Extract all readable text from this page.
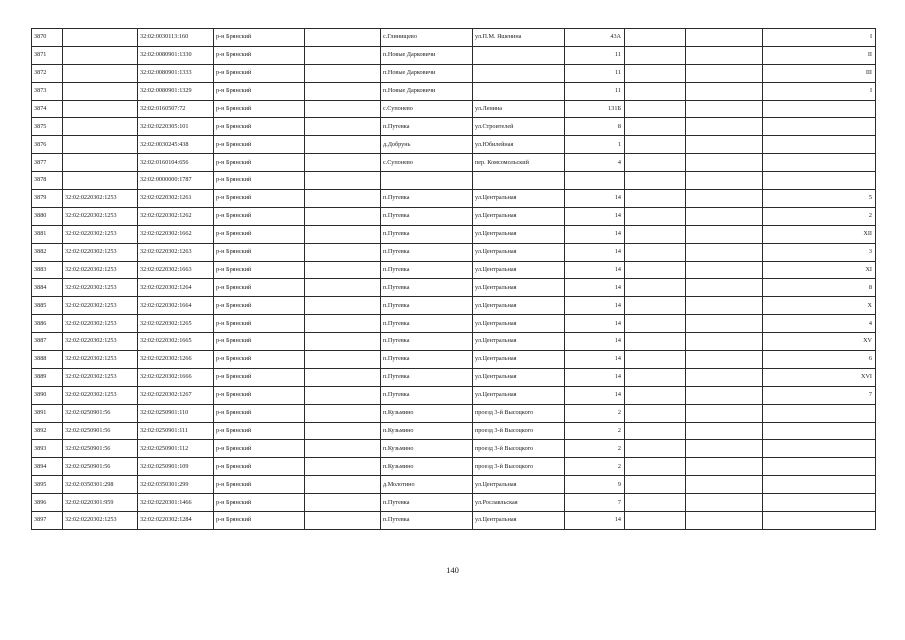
3870		32:02:0030113:160	р-н Брянский		с.Глинищево	ул.П.М. Яшенина	43А			I
3871		32:02:0080901:1330	р-н Брянский		п.Новые Дарковичи		11			II
3872		32:02:0080901:1333	р-н Брянский		п.Новые Дарковичи		11			III
3873		32:02:0080901:1329	р-н Брянский		п.Новые Дарковичи		11			I
3874		32:02:0160507:72	р-н Брянский		с.Супонево	ул.Ленина	131Б			
3875		32:02:0220305:101	р-н Брянский		п.Путевка	ул.Строителей	8			
3876		32:02:0030245:438	р-н Брянский		д.Добрунь	ул.Юбилейная	1			
3877		32:02:0160104:656	р-н Брянский		с.Супонево	пер. Комсомольский	4			
3878		32:02:0000000:1787	р-н Брянский							
3879	32:02:0220302:1253	32:02:0220302:1261	р-н Брянский		п.Путевка	ул.Центральная	14			5
3880	32:02:0220302:1253	32:02:0220302:1262	р-н Брянский		п.Путевка	ул.Центральная	14			2
3881	32:02:0220302:1253	32:02:0220302:1662	р-н Брянский		п.Путевка	ул.Центральная	14			XII
3882	32:02:0220302:1253	32:02:0220302:1263	р-н Брянский		п.Путевка	ул.Центральная	14			3
3883	32:02:0220302:1253	32:02:0220302:1663	р-н Брянский		п.Путевка	ул.Центральная	14			XI
3884	32:02:0220302:1253	32:02:0220302:1264	р-н Брянский		п.Путевка	ул.Центральная	14			8
3885	32:02:0220302:1253	32:02:0220302:1664	р-н Брянский		п.Путевка	ул.Центральная	14			X
3886	32:02:0220302:1253	32:02:0220302:1265	р-н Брянский		п.Путевка	ул.Центральная	14			4
3887	32:02:0220302:1253	32:02:0220302:1665	р-н Брянский		п.Путевка	ул.Центральная	14			XV
3888	32:02:0220302:1253	32:02:0220302:1266	р-н Брянский		п.Путевка	ул.Центральная	14			6
3889	32:02:0220302:1253	32:02:0220302:1666	р-н Брянский		п.Путевка	ул.Центральная	14			XVI
3890	32:02:0220302:1253	32:02:0220302:1267	р-н Брянский		п.Путевка	ул.Центральная	14			7
3891	32:02:0250901:56	32:02:0250901:110	р-н Брянский		п.Кузьмино	проезд 3-й Высоцкого	2			
3892	32:02:0250901:56	32:02:0250901:111	р-н Брянский		п.Кузьмино	проезд 3-й Высоцкого	2			
3893	32:02:0250901:56	32:02:0250901:112	р-н Брянский		п.Кузьмино	проезд 3-й Высоцкого	2			
3894	32:02:0250901:56	32:02:0250901:109	р-н Брянский		п.Кузьмино	проезд 3-й Высоцкого	2			
3895	32:02:0350301:298	32:02:0350301:299	р-н Брянский		д.Молотино	ул.Центральная	9			
3896	32:02:0220301:959	32:02:0220301:1466	р-н Брянский		п.Путевка	ул.Рославльская	7			
3897	32:02:0220302:1253	32:02:0220302:1284	р-н Брянский		п.Путевка	ул.Центральная	14			
140
